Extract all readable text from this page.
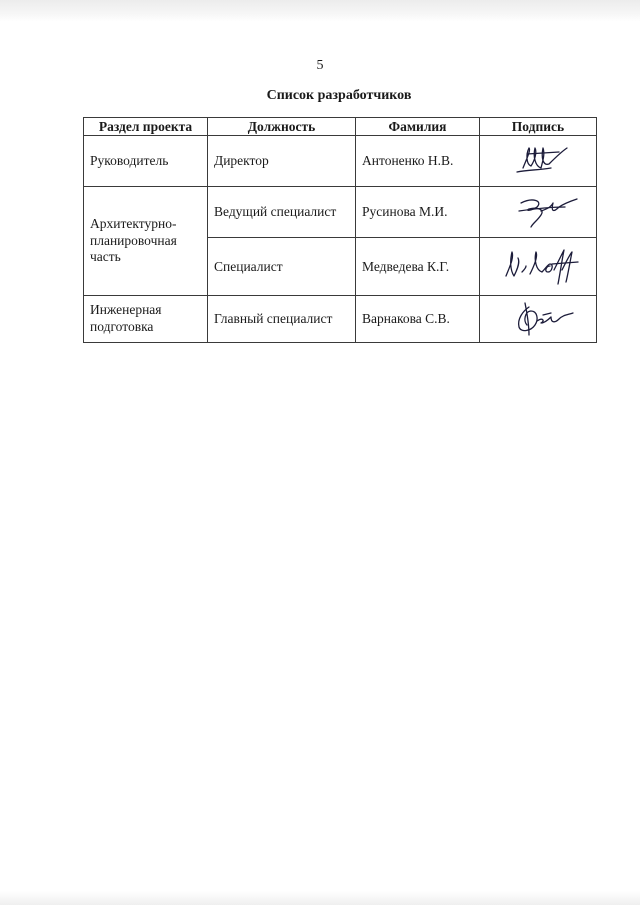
5
Список разработчиков
Раздел проекта	Должность	Фамилия	Подпись
Руководитель	Директор	Антоненко Н.В.	

Архитектурно-планировочная часть	Ведущий специалист	Русинова М.И.	

	Специалист	Медведева К.Г.	

Инженерная подготовка	Главный специалист	Варнакова С.В.	
